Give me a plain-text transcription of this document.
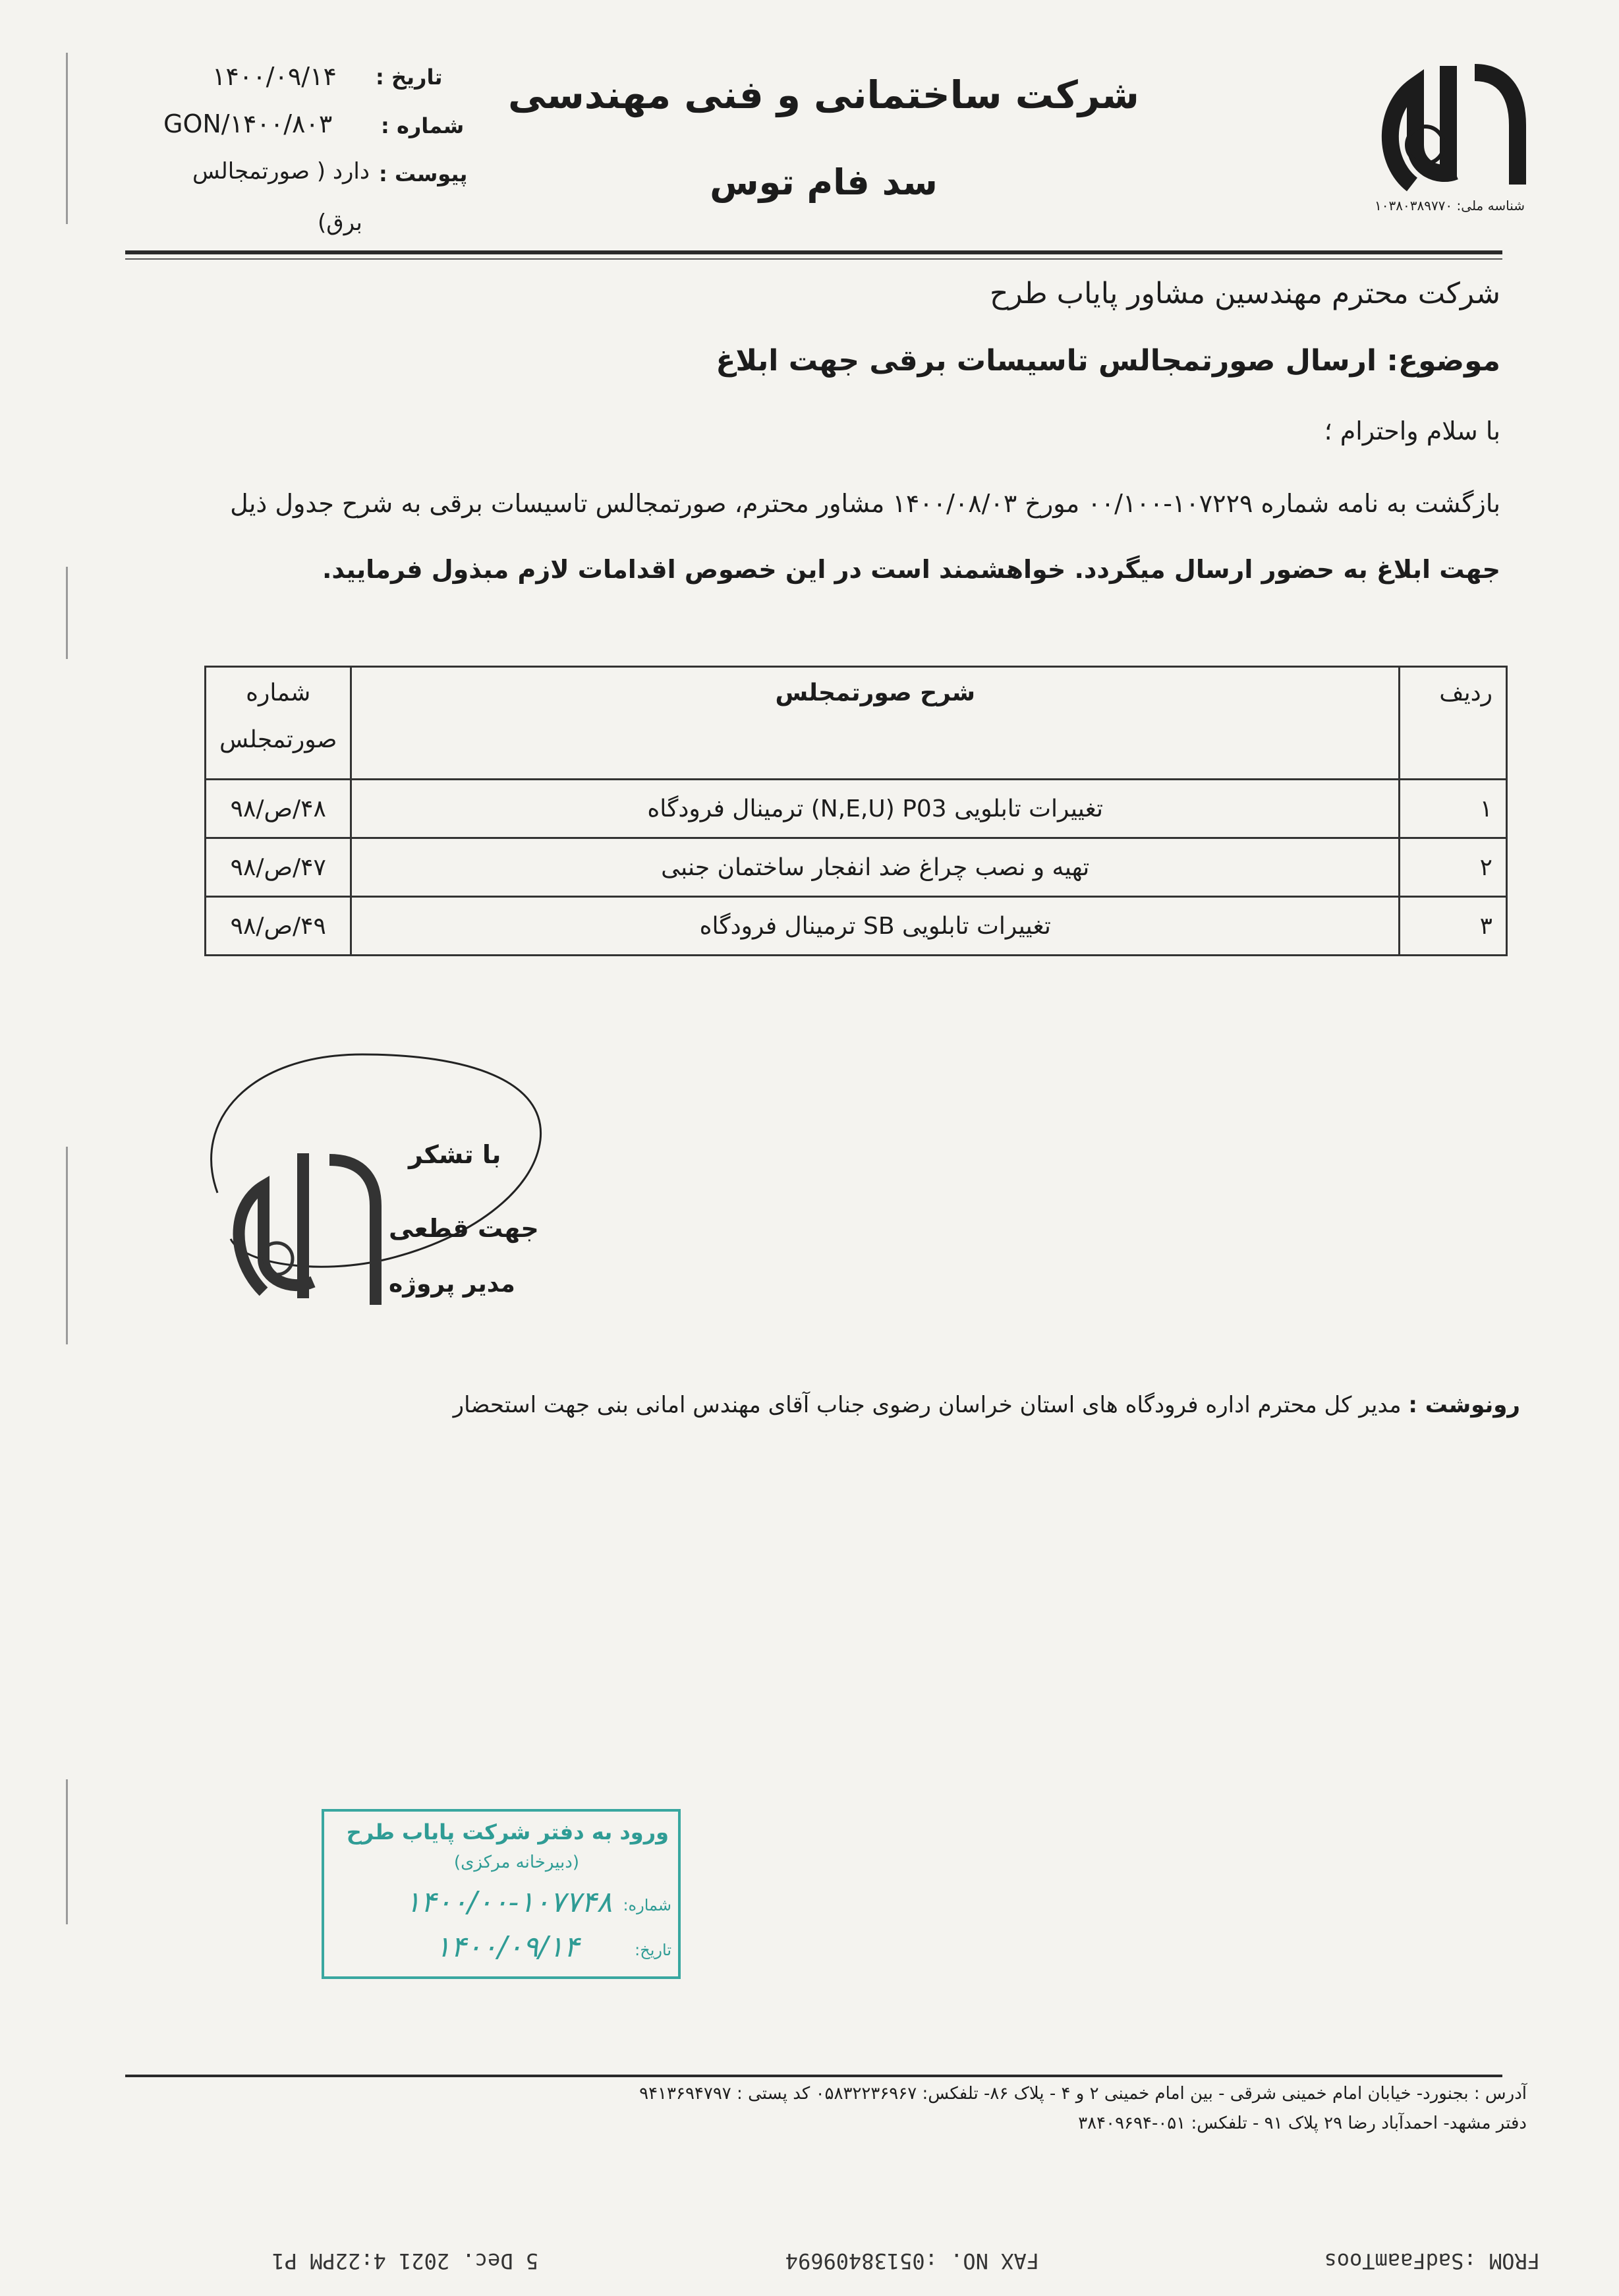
شناسه ملی: ۱۰۳۸۰۳۸۹۷۷۰
شرکت ساختمانی و فنی مهندسی
سد فام توس
تاریخ :
۱۴۰۰/۰۹/۱۴
شماره :
GON/۱۴۰۰/۸۰۳
پیوست :
دارد ( صورتمجالس
برق)
شرکت محترم مهندسین مشاور پایاب طرح
موضوع: ارسال صورتمجالس تاسیسات برقی جهت ابلاغ
با سلام واحترام ؛
بازگشت به نامه شماره ۱۰۷۲۲۹-۰۰/۱۰۰ مورخ ۱۴۰۰/۰۸/۰۳ مشاور محترم، صورتمجالس تاسیسات برقی به شرح جدول ذیل
جهت ابلاغ به حضور ارسال میگردد. خواهشمند است در این خصوص اقدامات لازم مبذول فرمایید.
ردیف	شرح صورتمجلس	شماره
صورتمجلس

۱	تغییرات تابلویی N,E,U) P03) ترمینال فرودگاه	۴۸/ص/۹۸
۲	تهیه و نصب چراغ ضد انفجار ساختمان جنبی	۴۷/ص/۹۸
۳	تغییرات تابلویی SB ترمینال فرودگاه	۴۹/ص/۹۸
با تشکر
جهت قطعی
مدیر پروژه
رونوشت : مدیر کل محترم اداره فرودگاه های استان خراسان رضوی جناب آقای مهندس امانی بنی جهت استحضار
ورود به دفتر شرکت پایاب طرح
(دبیرخانه مرکزی)
شماره:
۱۴۰۰/۰۰-۱۰۷۷۴۸
تاریخ:
۱۴۰۰/۰۹/۱۴
آدرس : بجنورد- خیابان امام خمینی شرقی - بین امام خمینی ۲ و ۴ - پلاک ۸۶- تلفکس: ۰۵۸۳۲۲۳۶۹۶۷ کد پستی : ۹۴۱۳۶۹۴۷۹۷
دفتر مشهد- احمدآباد رضا ۲۹ پلاک ۹۱ - تلفکس: ۰۵۱-۳۸۴۰۹۶۹۴
FROM :SadFaamToos
FAX NO. :05138409694
5 Dec. 2021 4:22PM P1
